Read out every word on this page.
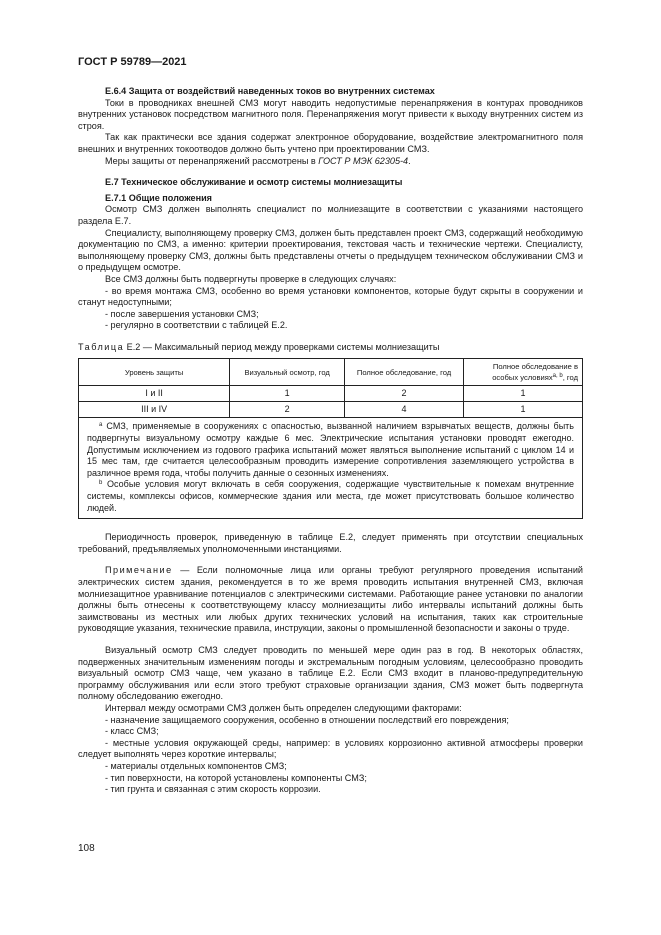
ГОСТ Р 59789—2021

Е.6.4 Защита от воздействий наведенных токов во внутренних системах

Токи в проводниках внешней СМЗ могут наводить недопустимые перенапряжения в контурах проводников внутренних установок посредством магнитного поля. Перенапряжения могут привести к выходу внутренних систем из строя.

Так как практически все здания содержат электронное оборудование, воздействие электромагнитного поля внешних и внутренних токоотводов должно быть учтено при проектировании СМЗ.

Меры защиты от перенапряжений рассмотрены в ГОСТ Р МЭК 62305-4.

Е.7 Техническое обслуживание и осмотр системы молниезащиты

Е.7.1 Общие положения

Осмотр СМЗ должен выполнять специалист по молниезащите в соответствии с указаниями настоящего раздела Е.7.

Специалисту, выполняющему проверку СМЗ, должен быть представлен проект СМЗ, содержащий необходимую документацию по СМЗ, а именно: критерии проектирования, текстовая часть и технические чертежи. Специалисту, выполняющему проверку СМЗ, должны быть представлены отчеты о предыдущем техническом обслуживании СМЗ и о предыдущем осмотре.

Все СМЗ должны быть подвергнуты проверке в следующих случаях:

- во время монтажа СМЗ, особенно во время установки компонентов, которые будут скрыты в сооружении и станут недоступными;

- после завершения установки СМЗ;

- регулярно в соответствии с таблицей Е.2.

Таблица Е.2 — Максимальный период между проверками системы молниезащиты

Уровень защиты	Визуальный осмотр, год	Полное обследование, год	Полное обследование в особых условиях$^{a, b}$, год
I и II	1	2	1
III и IV	2	4	1

$^a$ СМЗ, применяемые в сооружениях с опасностью, вызванной наличием взрывчатых веществ, должны быть подвергнуты визуальному осмотру каждые 6 мес. Электрические испытания установки проводят ежегодно. Допустимым исключением из годового графика испытаний может являться выполнение испытаний с циклом 14 и 15 мес там, где считается целесообразным проводить измерение сопротивления заземляющего устройства в различное время года, чтобы получить данные о сезонных изменениях.

$^b$ Особые условия могут включать в себя сооружения, содержащие чувствительные к помехам внутренние системы, комплексы офисов, коммерческие здания или места, где может присутствовать большое количество людей.			

Периодичность проверок, приведенную в таблице Е.2, следует применять при отсутствии специальных требований, предъявляемых уполномоченными инстанциями.

Примечание — Если полномочные лица или органы требуют регулярного проведения испытаний электрических систем здания, рекомендуется в то же время проводить испытания внутренней СМЗ, включая молниезащитное уравнивание потенциалов с электрическими системами. Работающие ранее установки по аналогии должны быть отнесены к соответствующему классу молниезащиты либо интервалы испытаний должны быть заимствованы из местных или любых других технических условий на испытания, таких как строительные руководящие указания, технические правила, инструкции, законы о промышленной безопасности и законы о труде.

Визуальный осмотр СМЗ следует проводить по меньшей мере один раз в год. В некоторых областях, подверженных значительным изменениям погоды и экстремальным погодным условиям, целесообразно проводить визуальный осмотр СМЗ чаще, чем указано в таблице Е.2. Если СМЗ входит в планово-предупредительную программу обслуживания или если этого требуют страховые организации здания, СМЗ может быть подвергнута полному обследованию ежегодно.

Интервал между осмотрами СМЗ должен быть определен следующими факторами:

- назначение защищаемого сооружения, особенно в отношении последствий его повреждения;

- класс СМЗ;

- местные условия окружающей среды, например: в условиях коррозионно активной атмосферы проверки следует выполнять через короткие интервалы;

- материалы отдельных компонентов СМЗ;

- тип поверхности, на которой установлены компоненты СМЗ;

- тип грунта и связанная с этим скорость коррозии.

108
